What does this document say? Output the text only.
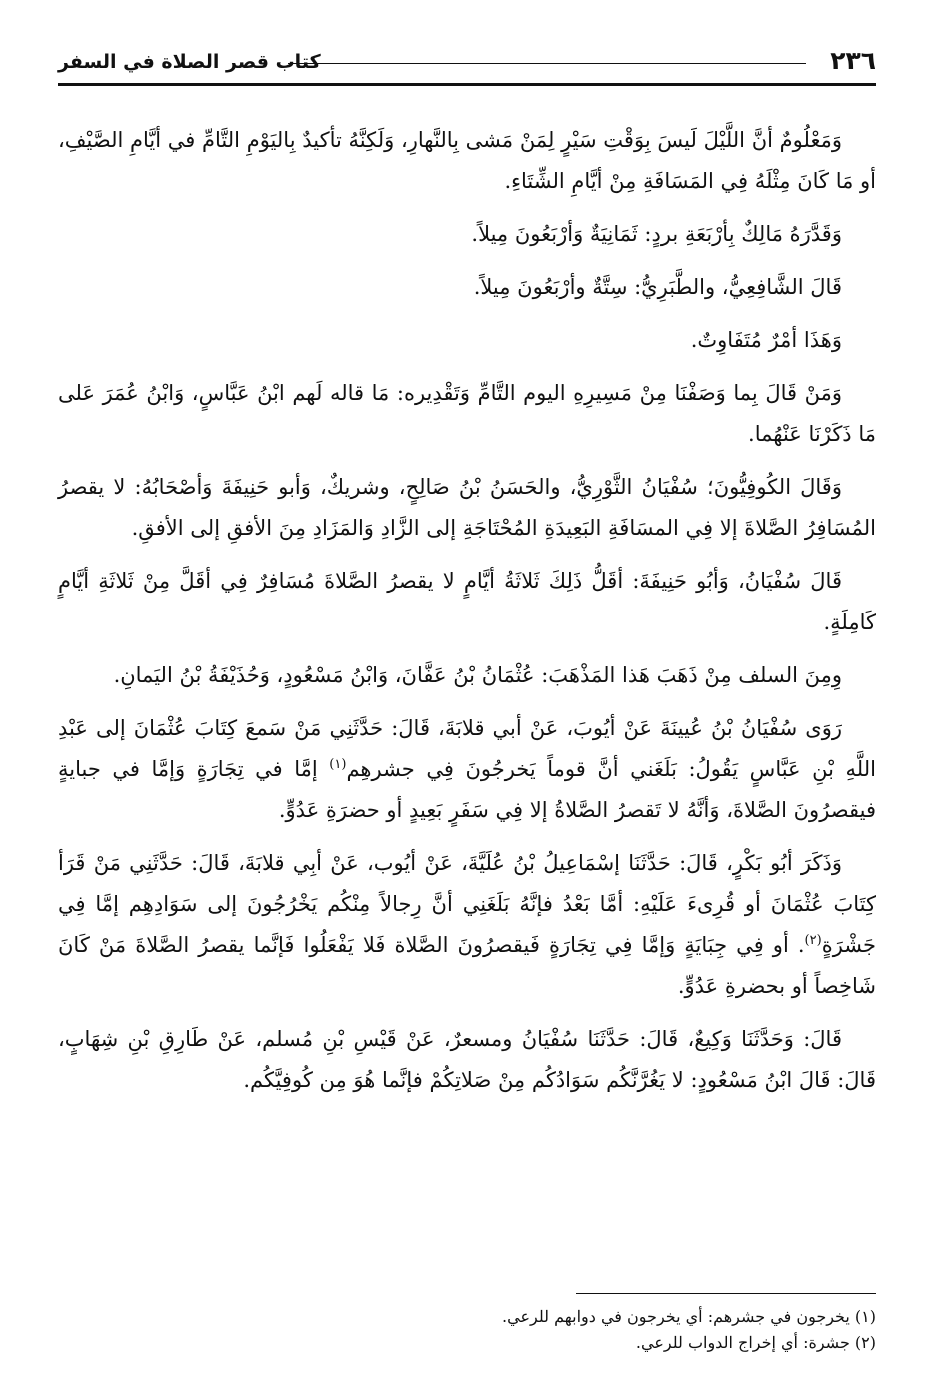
٢٣٦
كتاب قصر الصلاة في السفر

وَمَعْلُومٌ أنَّ اللَّيْلَ لَيسَ بِوَقْتِ سَيْرٍ لِمَنْ مَشى بِالنَّهارِ، وَلَكِنَّهُ تأكيدٌ بِاليَوْمِ التَّامِّ في أيَّامِ الصَّيْفِ، أو مَا كَانَ مِثْلَهُ فِي المَسَافَةِ مِنْ أيَّامِ الشِّتَاءِ.

وَقَدَّرَهُ مَالِكٌ بِأرْبَعَةِ بردٍ: ثَمَانِيَةٌ وَأرْبَعُونَ مِيلاً.

قَالَ الشَّافِعِيُّ، والطَّبَرِيُّ: سِتَّةٌ وأرْبَعُونَ مِيلاً.

وَهَذَا أمْرٌ مُتَفَاوِتٌ.

وَمَنْ قَالَ بِما وَصَفْنَا مِنْ مَسِيرِهِ اليوم التَّامِّ وَتَقْدِيره: مَا قاله لَهم ابْنُ عَبَّاسٍ، وَابْنُ عُمَرَ عَلى مَا ذَكَرْنَا عَنْهُما.

وَقَالَ الكُوفِيُّونَ؛ سُفْيَانُ الثَّوْرِيُّ، والحَسَنُ بْنُ صَالِحٍ، وشريكٌ، وَأبو حَنِيفَةَ وَأصْحَابُهُ: لا يقصرُ المُسَافِرُ الصَّلاةَ إلا فِي المسَافَةِ البَعِيدَةِ المُحْتَاجَةِ إلى الزَّادِ وَالمَزَادِ مِنَ الأفقِ إلى الأفقِ.

قَالَ سُفْيَانُ، وَأبُو حَنِيفَةَ: أقَلُّ ذَلِكَ ثَلاثَةُ أيَّامٍ لا يقصرُ الصَّلاةَ مُسَافِرٌ فِي أقَلَّ مِنْ ثَلاثَةِ أيَّامٍ كَامِلَةٍ.

وِمِنَ السلف مِنْ ذَهَبَ هَذا المَذْهَبَ: عُثْمَانُ بْنُ عَفَّانَ، وَابْنُ مَسْعُودٍ، وَحُذَيْفَةُ بْنُ اليَمانِ.

رَوَى سُفْيَانُ بْنُ عُيينَةَ عَنْ أيُوبَ، عَنْ أبي قلابَةَ، قَالَ: حَدَّثَنِي مَنْ سَمعَ كِتَابَ عُثْمَانَ إلى عَبْدِ اللَّهِ بْنِ عَبَّاسٍ يَقُولُ: بَلَغَني أنَّ قوماً يَخرجُونَ فِي جشرهِم$^{(١)}$ إمَّا في تِجَارَةٍ وَإمَّا في جبايةٍ فيقصرُونَ الصَّلاةَ، وَأنَّهُ لا تَقصرُ الصَّلاةُ إلا فِي سَفَرٍ بَعِيدٍ أو حضرَةِ عَدُوٍّ.

وَذَكَرَ أبُو بَكْرٍ، قَالَ: حَدَّثَنَا إسْمَاعِيلُ بْنُ عُلَيَّةَ، عَنْ أيُوب، عَنْ أبِي قلابَةَ، قَالَ: حَدَّثَنِي مَنْ قَرَأ كِتَابَ عُثْمَانَ أو قُرِىءَ عَلَيْهِ: أمَّا بَعْدُ فإنَّهُ بَلَغَنِي أنَّ رِجالاً مِنْكُم يَخْرُجُونَ إلى سَوَادِهِم إمَّا فِي جَشْرَةٍ$^{(٢)}$. أو فِي جِبَايَةٍ وَإمَّا فِي تِجَارَةٍ فَيقصرُونَ الصَّلاة فَلا يَفْعَلُوا فَإنَّما يقصرُ الصَّلاةَ مَنْ كَانَ شَاخِصاً أو بحضرةِ عَدُوٍّ.

قَالَ: وَحَدَّثَنَا وَكِيعٌ، قَالَ: حَدَّثَنَا سُفْيَانُ ومسعرٌ، عَنْ قَيْسِ بْنِ مُسلم، عَنْ طَارِقِ بْنِ شِهَابٍ، قَالَ: قَالَ ابْنُ مَسْعُودٍ: لا يَغُرَّنَّكُم سَوَادُكُم مِنْ صَلاتِكُمْ فإنَّما هُوَ مِن كُوفِيَّكُم.

(١) يخرجون في جشرهم: أي يخرجون في دوابهم للرعي.

(٢) جشرة: أي إخراج الدواب للرعي.
